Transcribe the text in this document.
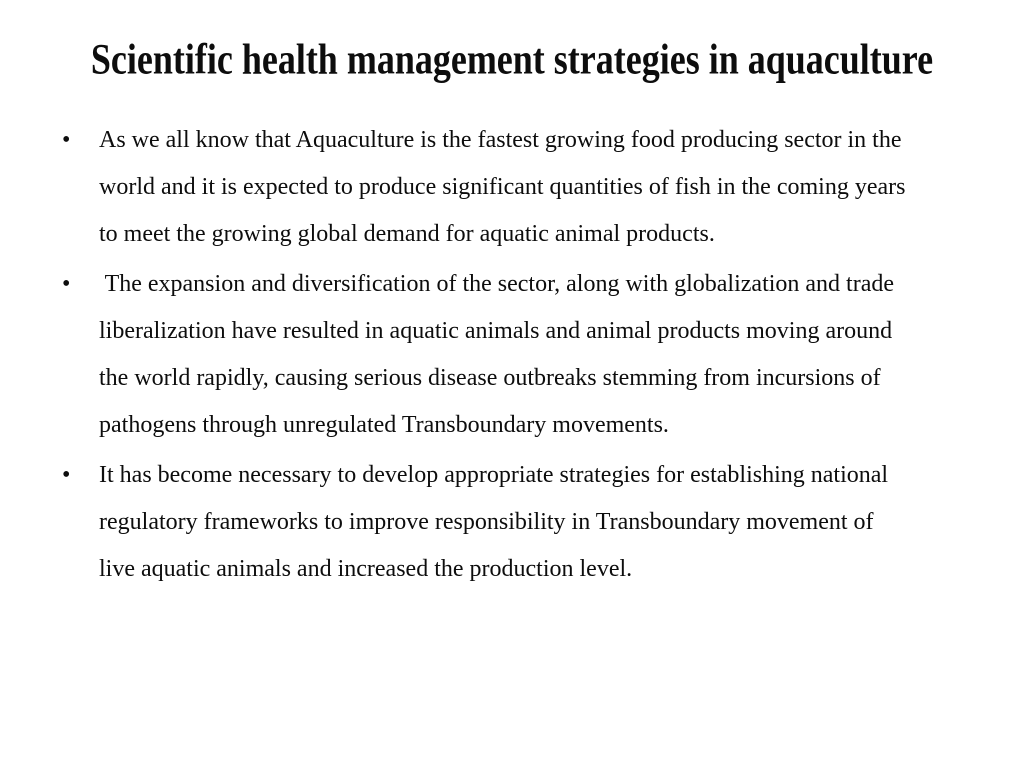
Scientific health management strategies in aquaculture
•	As we all know that Aquaculture is the fastest growing food producing sector in the
world and it is expected to produce significant quantities of fish in the coming years
to meet the growing global demand for aquatic animal products.
•	The expansion and diversification of the sector, along with globalization and trade
liberalization have resulted in aquatic animals and animal products moving around
the world rapidly, causing serious disease outbreaks stemming from incursions of
pathogens through unregulated Transboundary movements.
•	It has become necessary to develop appropriate strategies for establishing national
regulatory frameworks to improve responsibility in Transboundary movement of
live aquatic animals and increased the production level.
